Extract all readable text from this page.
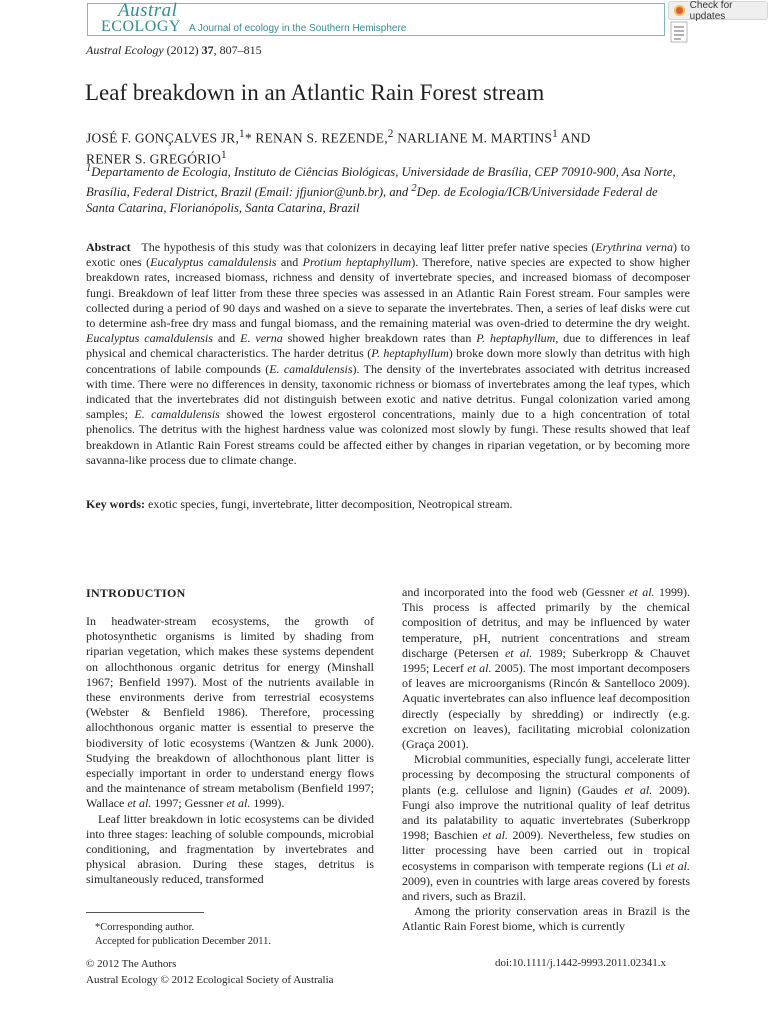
Austral
ECOLOGY A Journal of ecology in the Southern Hemisphere
Check for updates
Austral Ecology (2012) 37, 807–815
Leaf breakdown in an Atlantic Rain Forest stream
JOSÉ F. GONÇALVES JR,$^1$* RENAN S. REZENDE,$^2$ NARLIANE M. MARTINS$^1$ AND
RENER S. GREGÓRIO$^1$
$^1$Departamento de Ecologia, Instituto de Ciências Biológicas, Universidade de Brasília, CEP 70910-900, Asa Norte, Brasília, Federal District, Brazil (Email: jfjunior@unb.br), and $^2$Dep. de Ecologia/ICB/Universidade Federal de Santa Catarina, Florianópolis, Santa Catarina, Brazil
Abstract The hypothesis of this study was that colonizers in decaying leaf litter prefer native species (Erythrina verna) to exotic ones (Eucalyptus camaldulensis and Protium heptaphyllum). Therefore, native species are expected to show higher breakdown rates, increased biomass, richness and density of invertebrate species, and increased biomass of decomposer fungi. Breakdown of leaf litter from these three species was assessed in an Atlantic Rain Forest stream. Four samples were collected during a period of 90 days and washed on a sieve to separate the invertebrates. Then, a series of leaf disks were cut to determine ash-free dry mass and fungal biomass, and the remaining material was oven-dried to determine the dry weight. Eucalyptus camaldulensis and E. verna showed higher breakdown rates than P. heptaphyllum, due to differences in leaf physical and chemical characteristics. The harder detritus (P. heptaphyllum) broke down more slowly than detritus with high concentrations of labile compounds (E. camaldulensis). The density of the invertebrates associated with detritus increased with time. There were no differences in density, taxonomic richness or biomass of invertebrates among the leaf types, which indicated that the invertebrates did not distinguish between exotic and native detritus. Fungal colonization varied among samples; E. camaldulensis showed the lowest ergosterol concentrations, mainly due to a high concentration of total phenolics. The detritus with the highest hardness value was colonized most slowly by fungi. These results showed that leaf breakdown in Atlantic Rain Forest streams could be affected either by changes in riparian vegetation, or by becoming more savanna-like process due to climate change.
Key words: exotic species, fungi, invertebrate, litter decomposition, Neotropical stream.
INTRODUCTION

In headwater-stream ecosystems, the growth of photosynthetic organisms is limited by shading from riparian vegetation, which makes these systems dependent on allochthonous organic detritus for energy (Minshall 1967; Benfield 1997). Most of the nutrients available in these environments derive from terrestrial ecosystems (Webster & Benfield 1986). Therefore, processing allochthonous organic matter is essential to preserve the biodiversity of lotic ecosystems (Wantzen & Junk 2000). Studying the breakdown of allochthonous plant litter is especially important in order to understand energy flows and the maintenance of stream metabolism (Benfield 1997; Wallace et al. 1997; Gessner et al. 1999).

Leaf litter breakdown in lotic ecosystems can be divided into three stages: leaching of soluble compounds, microbial conditioning, and fragmentation by invertebrates and physical abrasion. During these stages, detritus is simultaneously reduced, transformed

and incorporated into the food web (Gessner et al. 1999). This process is affected primarily by the chemical composition of detritus, and may be influenced by water temperature, pH, nutrient concentrations and stream discharge (Petersen et al. 1989; Suberkropp & Chauvet 1995; Lecerf et al. 2005). The most important decomposers of leaves are microorganisms (Rincón & Santelloco 2009). Aquatic invertebrates can also influence leaf decomposition directly (especially by shredding) or indirectly (e.g. excretion on leaves), facilitating microbial colonization (Graça 2001).

Microbial communities, especially fungi, accelerate litter processing by decomposing the structural components of plants (e.g. cellulose and lignin) (Gaudes et al. 2009). Fungi also improve the nutritional quality of leaf detritus and its palatability to aquatic invertebrates (Suberkropp 1998; Baschien et al. 2009). Nevertheless, few studies on litter processing have been carried out in tropical ecosystems in comparison with temperate regions (Li et al. 2009), even in countries with large areas covered by forests and rivers, such as Brazil.

Among the priority conservation areas in Brazil is the Atlantic Rain Forest biome, which is currently

*Corresponding author.
Accepted for publication December 2011.
© 2012 The Authors
Austral Ecology © 2012 Ecological Society of Australia
doi:10.1111/j.1442-9993.2011.02341.x
